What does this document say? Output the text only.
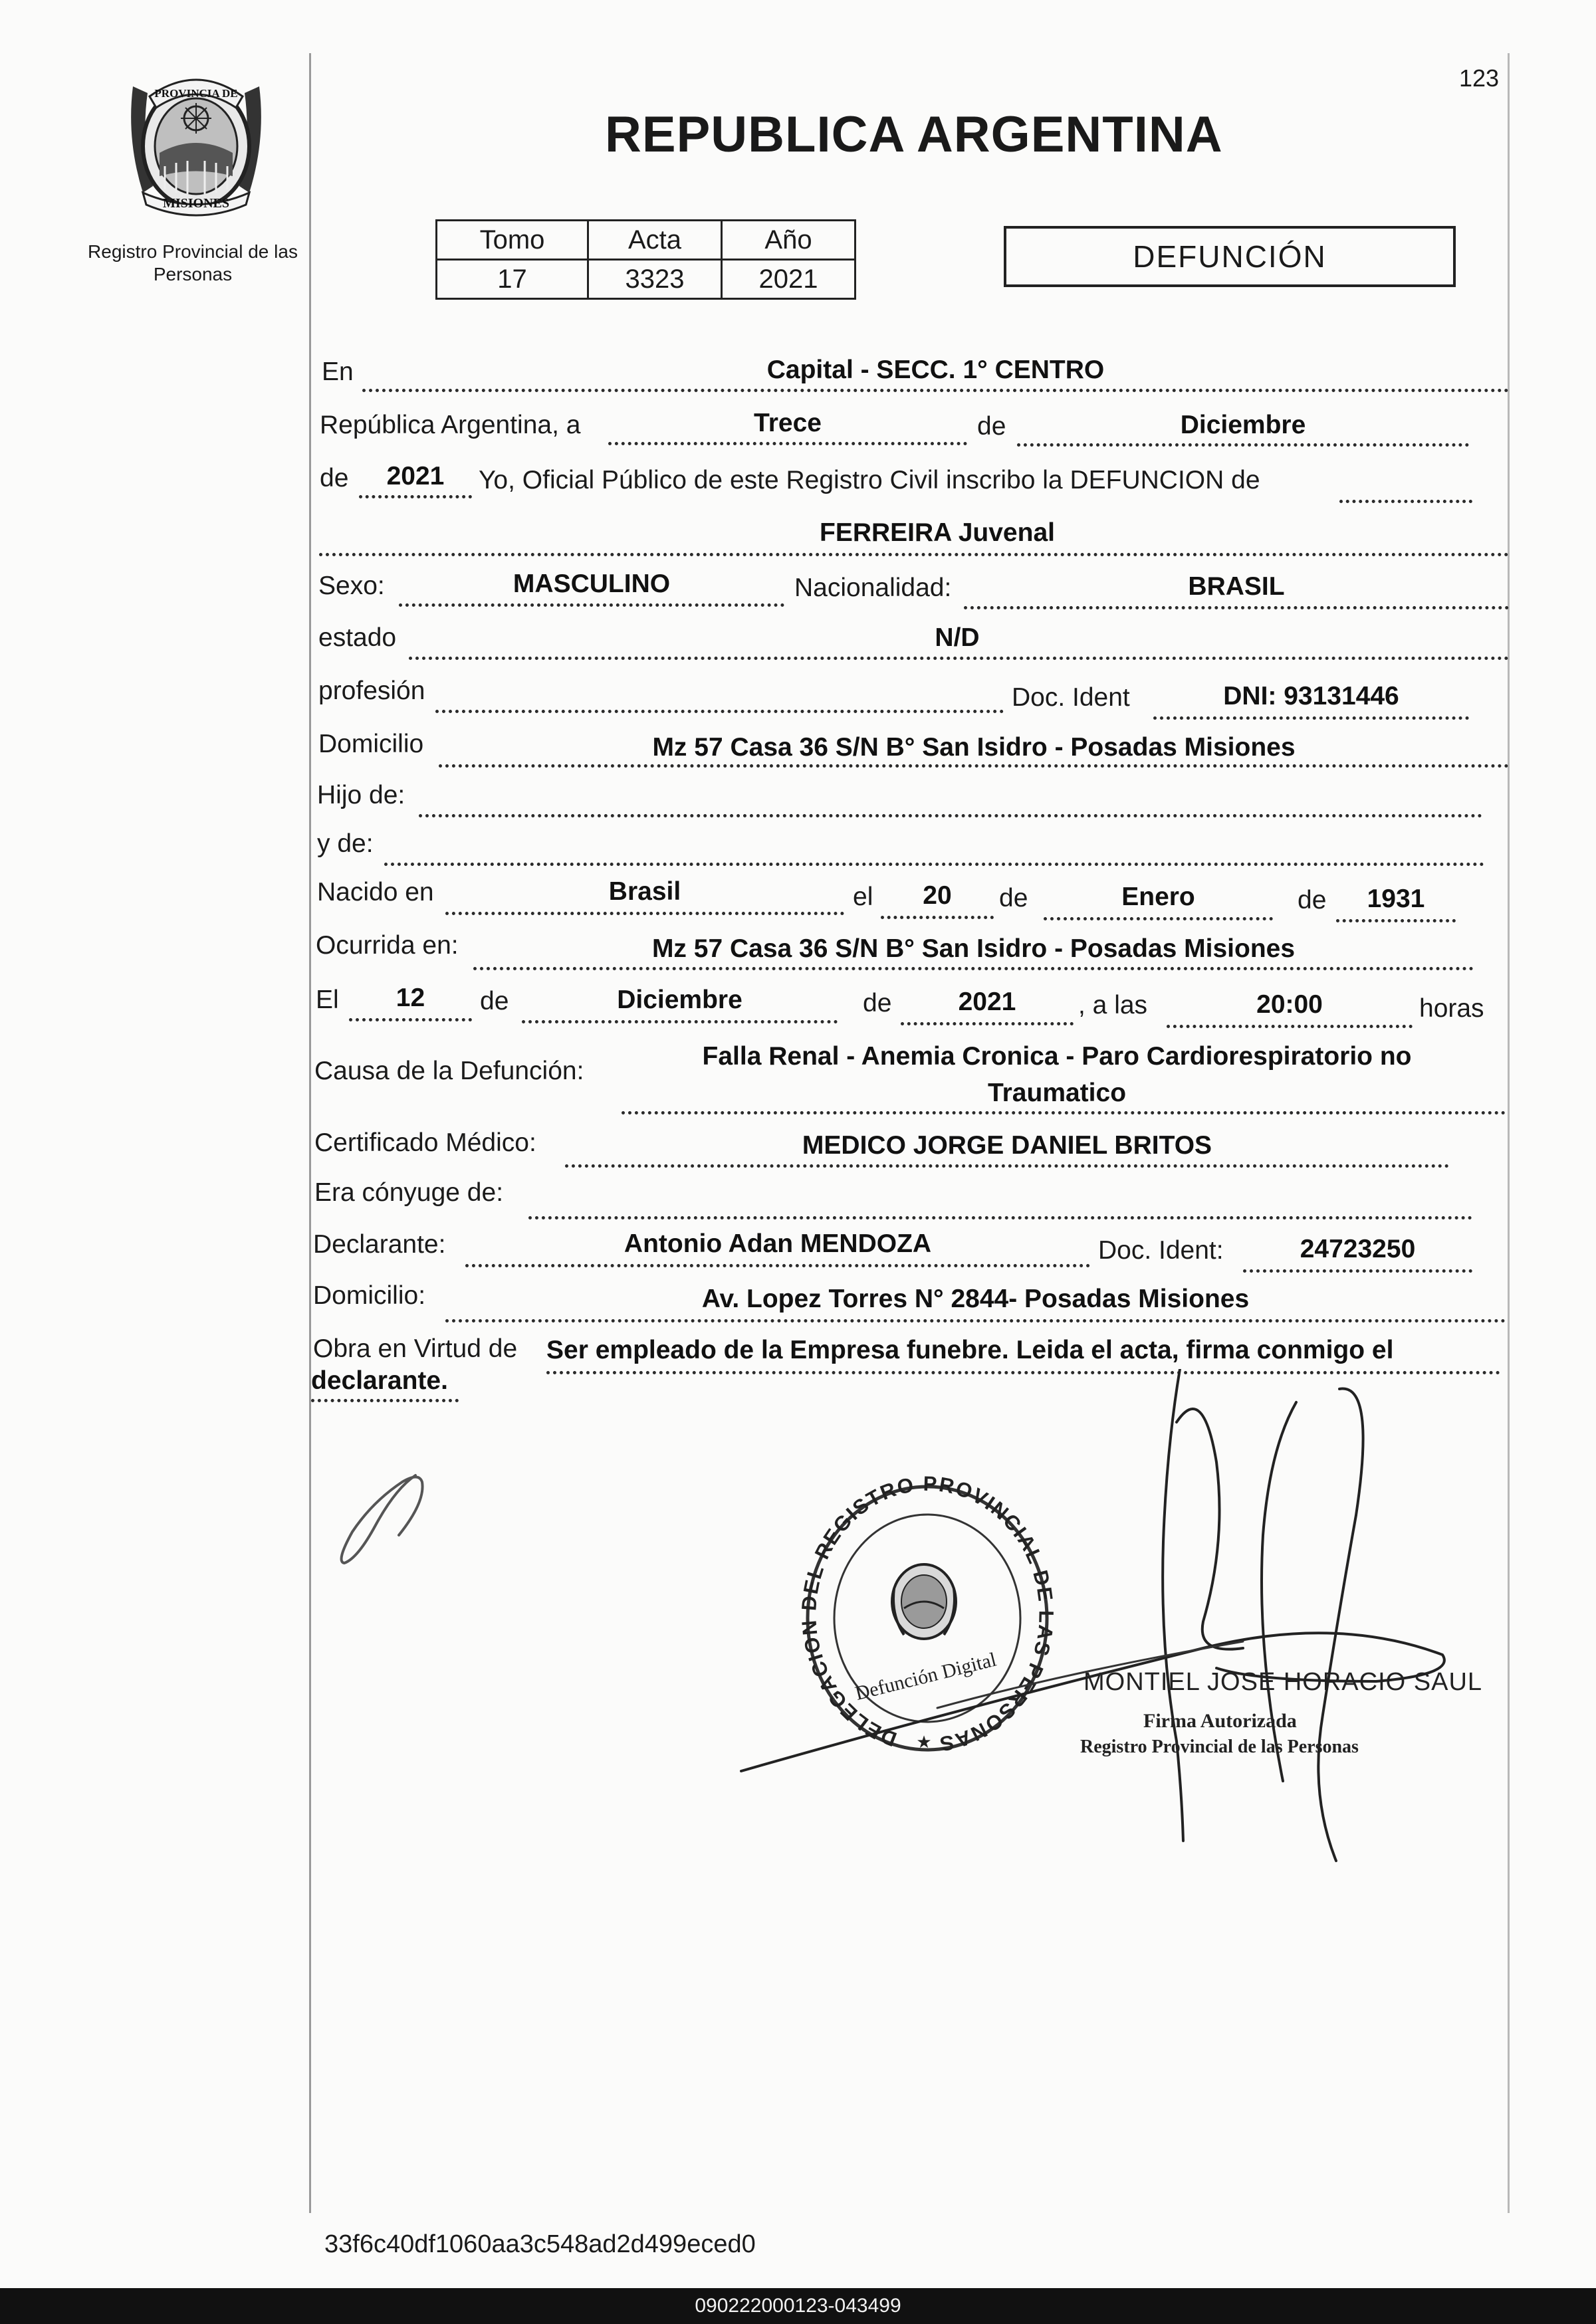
PROVINCIA DE
MISIONES
Registro Provincial de las Personas
123
REPUBLICA ARGENTINA
Tomo	Acta	Año
17	3323	2021
DEFUNCIÓN
En	Capital - SECC. 1° CENTRO
República Argentina, a	Trece	de	Diciembre
de	2021	Yo, Oficial Público de este Registro Civil inscribo la DEFUNCION de
FERREIRA Juvenal
Sexo:	MASCULINO	Nacionalidad:	BRASIL
estado	N/D
profesión	Doc. Ident	DNI: 93131446
Domicilio	Mz 57 Casa 36 S/N B° San Isidro - Posadas Misiones
Hijo de:
y de:
Nacido en	Brasil	el	20	de	Enero	de	1931
Ocurrida en:	Mz 57 Casa 36 S/N B° San Isidro - Posadas Misiones
El	12	de	Diciembre	de	2021	, a las	20:00	horas
Causa de la Defunción:
Falla Renal - Anemia Cronica - Paro Cardiorespiratorio no
Traumatico
Certificado Médico:	MEDICO JORGE DANIEL BRITOS
Era cónyuge de:
Declarante:	Antonio Adan MENDOZA	Doc. Ident:	24723250
Domicilio:	Av. Lopez Torres N° 2844- Posadas Misiones
Obra en Virtud de Ser empleado de la Empresa funebre. Leida el acta, firma conmigo el
declarante.
DELEGACION DEL REGISTRO PROVINCIAL DE LAS PERSONAS
Defunción Digital
★
MONTIEL JOSE HORACIO SAUL
Firma Autorizada
Registro Provincial de las Personas
33f6c40df1060aa3c548ad2d499eced0
090222000123-043499
